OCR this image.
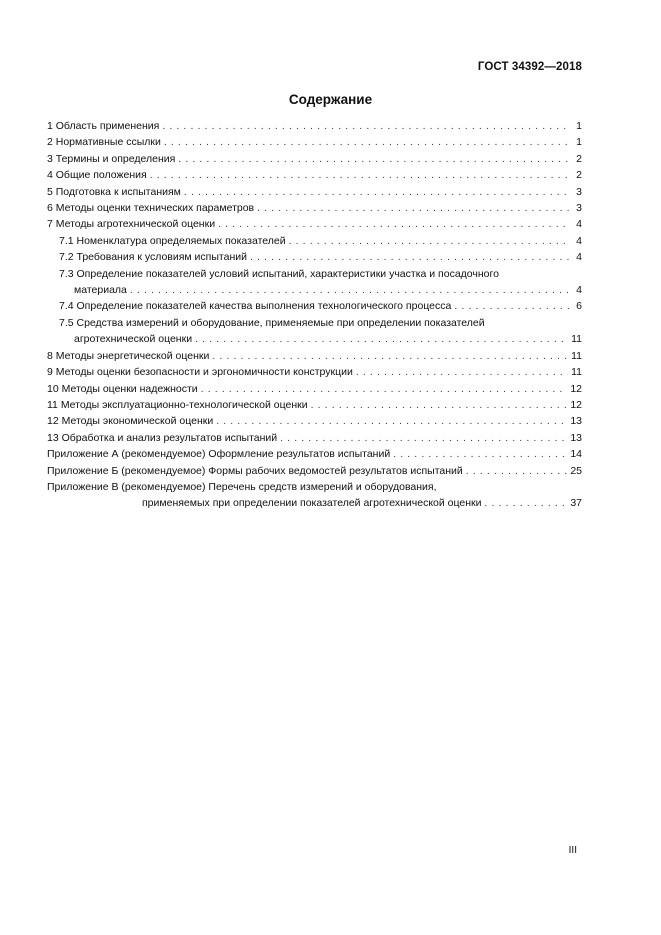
ГОСТ 34392—2018
Содержание
1 Область применения . . .	1
2 Нормативные ссылки . . .	1
3 Термины и определения . . .	2
4 Общие положения . . .	2
5 Подготовка к испытаниям . . .	3
6 Методы оценки технических параметров . . .	3
7 Методы агротехнической оценки . . .	4
7.1 Номенклатура определяемых показателей . . .	4
7.2 Требования к условиям испытаний . . .	4
7.3 Определение показателей условий испытаний, характеристики участка и посадочного
материала . . .	4
7.4 Определение показателей качества выполнения технологического процесса . . .	6
7.5 Средства измерений и оборудование, применяемые при определении показателей
агротехнической оценки . . .	11
8 Методы энергетической оценки . . .	11
9 Методы оценки безопасности и эргономичности конструкции . . .	11
10 Методы оценки надежности . . .	12
11 Методы эксплуатационно-технологической оценки . . .	12
12 Методы экономической оценки . . .	13
13 Обработка и анализ результатов испытаний . . .	13
Приложение А (рекомендуемое) Оформление результатов испытаний . . .	14
Приложение Б (рекомендуемое) Формы рабочих ведомостей результатов испытаний . . .	25
Приложение В (рекомендуемое) Перечень средств измерений и оборудования,
применяемых при определении показателей агротехнической оценки . . .	37
III
